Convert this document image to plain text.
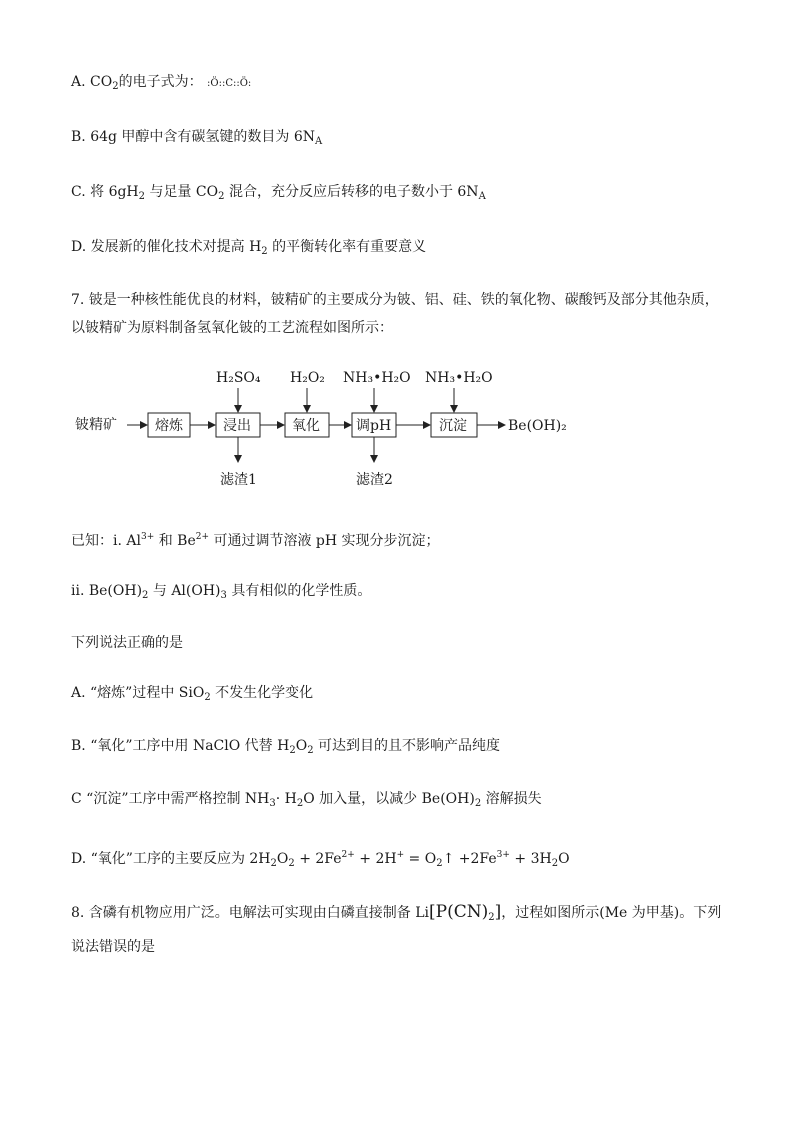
A. $CO_2$的电子式为： :Ö::C::Ö:
B. 64g 甲醇中含有碳氢键的数目为 $6N_A$
C. 将 $6gH_2$ 与足量 $CO_2$ 混合，充分反应后转移的电子数小于 $6N_A$
D. 发展新的催化技术对提高 $H_2$ 的平衡转化率有重要意义
7. 铍是一种核性能优良的材料，铍精矿的主要成分为铍、铝、硅、铁的氧化物、碳酸钙及部分其他杂质，
以铍精矿为原料制备氢氧化铍的工艺流程如图所示：
铍精矿	熔炼	浸出	氧化	调pH	沉淀	Be(OH)₂
H₂SO₄ H₂O₂ NH₃•H₂O NH₃•H₂O
滤渣1	滤渣2
已知：i. $Al^{3+}$ 和 $Be^{2+}$ 可通过调节溶液 pH 实现分步沉淀；
ii. $Be(OH)_2$ 与 $Al(OH)_3$ 具有相似的化学性质。
下列说法正确的是
A. “熔炼”过程中 SiO$_2$ 不发生化学变化
B. “氧化”工序中用 NaClO 代替 $H_2O_2$ 可达到目的且不影响产品纯度
C “沉淀”工序中需严格控制 $NH_3\cdot H_2O$ 加入量，以减少 $Be(OH)_2$ 溶解损失
D. “氧化”工序的主要反应为 $2H_2O_2 + 2Fe^{2+} + 2H^+$ = $O_2↑ +2Fe^{3+} + 3H_2O$
8. 含磷有机物应用广泛。电解法可实现由白磷直接制备 $Li[P(CN)_2]$，过程如图所示(Me 为甲基)。下列
说法错误的是
